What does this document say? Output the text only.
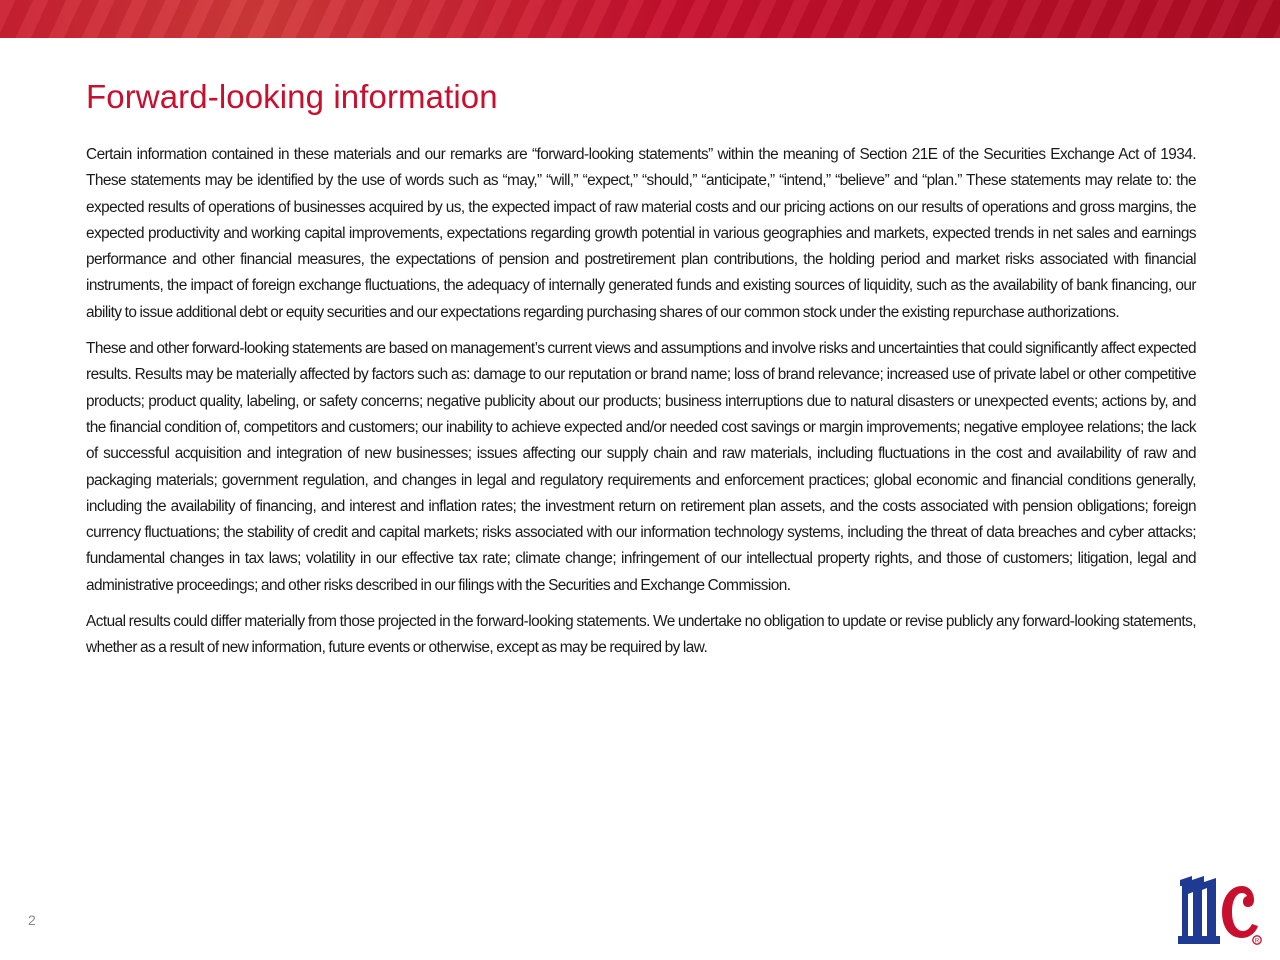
Forward-looking information

Certain information contained in these materials and our remarks are “forward-looking statements” within the meaning of Section 21E of the Securities Exchange Act of 1934. These statements may be identified by the use of words such as “may,” “will,” “expect,” “should,” “anticipate,” “intend,” “believe” and “plan.” These statements may relate to: the expected results of operations of businesses acquired by us, the expected impact of raw material costs and our pricing actions on our results of operations and gross margins, the expected productivity and working capital improvements, expectations regarding growth potential in various geographies and markets, expected trends in net sales and earnings performance and other financial measures, the expectations of pension and postretirement plan contributions, the holding period and market risks associated with financial instruments, the impact of foreign exchange fluctuations, the adequacy of internally generated funds and existing sources of liquidity, such as the availability of bank financing, our ability to issue additional debt or equity securities and our expectations regarding purchasing shares of our common stock under the existing repurchase authorizations.

These and other forward-looking statements are based on management’s current views and assumptions and involve risks and uncertainties that could significantly affect expected results. Results may be materially affected by factors such as: damage to our reputation or brand name; loss of brand relevance; increased use of private label or other competitive products; product quality, labeling, or safety concerns; negative publicity about our products; business interruptions due to natural disasters or unexpected events; actions by, and the financial condition of, competitors and customers; our inability to achieve expected and/or needed cost savings or margin improvements; negative employee relations; the lack of successful acquisition and integration of new businesses; issues affecting our supply chain and raw materials, including fluctuations in the cost and availability of raw and packaging materials; government regulation, and changes in legal and regulatory requirements and enforcement practices; global economic and financial conditions generally, including the availability of financing, and interest and inflation rates; the investment return on retirement plan assets, and the costs associated with pension obligations; foreign currency fluctuations; the stability of credit and capital markets; risks associated with our information technology systems, including the threat of data breaches and cyber attacks; fundamental changes in tax laws; volatility in our effective tax rate; climate change; infringement of our intellectual property rights, and those of customers; litigation, legal and administrative proceedings; and other risks described in our filings with the Securities and Exchange Commission.

Actual results could differ materially from those projected in the forward-looking statements. We undertake no obligation to update or revise publicly any forward-looking statements, whether as a result of new information, future events or otherwise, except as may be required by law.

2
R
